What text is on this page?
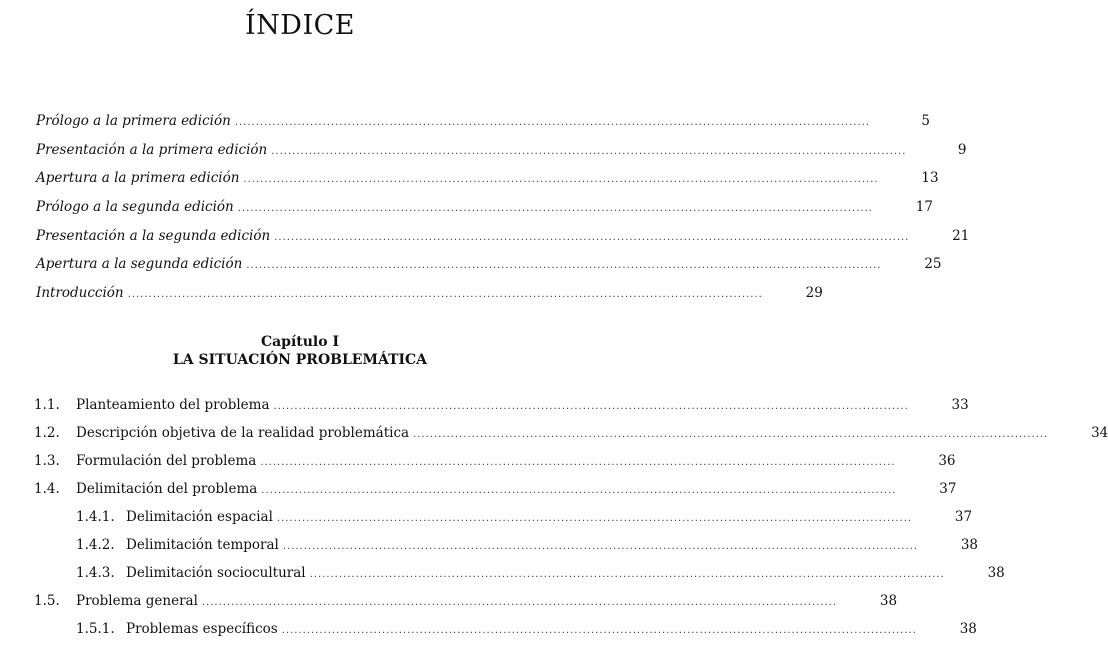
ÍNDICE
Prólogo a la primera edición ........................................................................................................................................................	5
Presentación a la primera edición ........................................................................................................................................................	9
Apertura a la primera edición ........................................................................................................................................................	13
Prólogo a la segunda edición ........................................................................................................................................................	17
Presentación a la segunda edición ........................................................................................................................................................	21
Apertura a la segunda edición ........................................................................................................................................................	25
Introducción ........................................................................................................................................................	29
Capítulo I
LA SITUACIÓN PROBLEMÁTICA
1.1.	Planteamiento del problema ........................................................................................................................................................	33
1.2.	Descripción objetiva de la realidad problemática ........................................................................................................................................................	34
1.3.	Formulación del problema ........................................................................................................................................................	36
1.4.	Delimitación del problema ........................................................................................................................................................	37
1.4.1. Delimitación espacial ........................................................................................................................................................	37
1.4.2. Delimitación temporal ........................................................................................................................................................	38
1.4.3. Delimitación sociocultural ........................................................................................................................................................	38
1.5.	Problema general ........................................................................................................................................................	38
1.5.1. Problemas específicos ........................................................................................................................................................	38
